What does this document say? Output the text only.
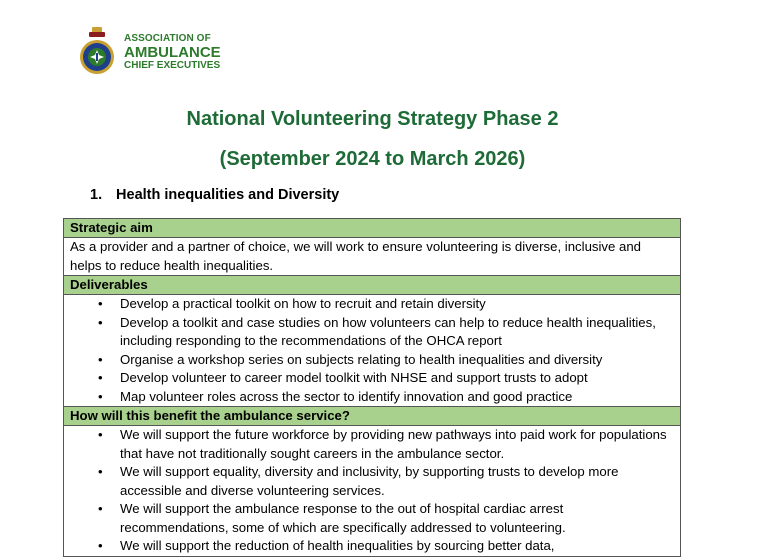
ASSOCIATION OF
AMBULANCE
CHIEF EXECUTIVES
National Volunteering Strategy Phase 2
(September 2024 to March 2026)
1. Health inequalities and Diversity
Strategic aim
As a provider and a partner of choice, we will work to ensure volunteering is diverse, inclusive and helps to reduce health inequalities.
Deliverables

• Develop a practical toolkit on how to recruit and retain diversity
• Develop a toolkit and case studies on how volunteers can help to reduce health inequalities, including responding to the recommendations of the OHCA report
• Organise a workshop series on subjects relating to health inequalities and diversity
• Develop volunteer to career model toolkit with NHSE and support trusts to adopt
• Map volunteer roles across the sector to identify innovation and good practice

How will this benefit the ambulance service?

• We will support the future workforce by providing new pathways into paid work for populations that have not traditionally sought careers in the ambulance sector.
• We will support equality, diversity and inclusivity, by supporting trusts to develop more accessible and diverse volunteering services.
• We will support the ambulance response to the out of hospital cardiac arrest recommendations, some of which are specifically addressed to volunteering.
• We will support the reduction of health inequalities by sourcing better data,
